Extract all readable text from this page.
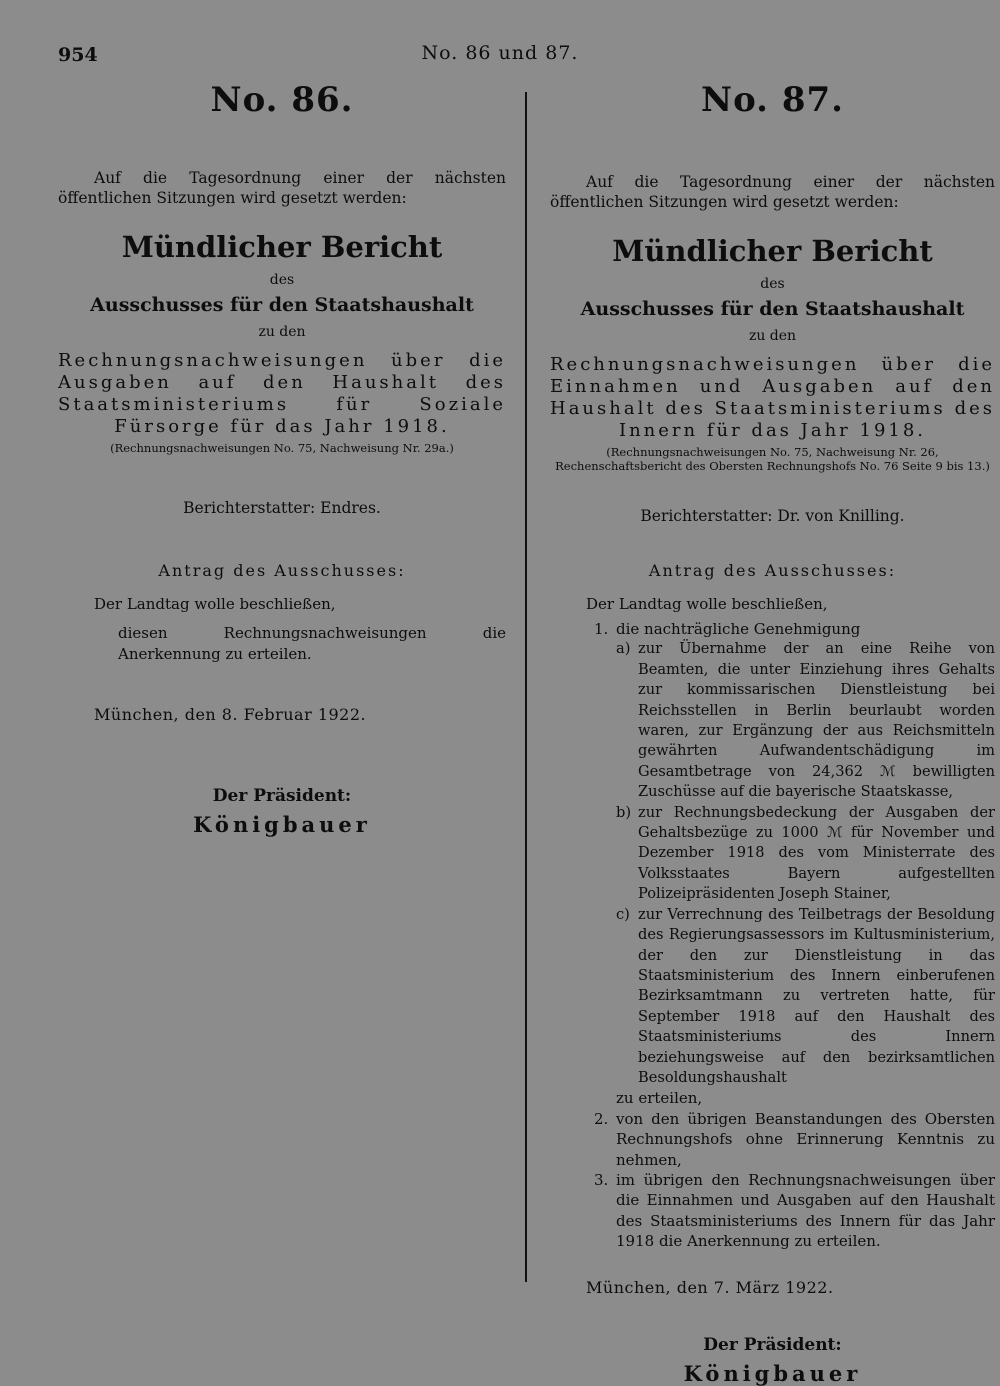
954	No. 86 und 87.

No. 86.

Auf die Tagesordnung einer der nächsten öffentlichen Sitzungen wird gesetzt werden:

Mündlicher Bericht

des

Ausschusses für den Staatshaushalt

zu den

Rechnungsnachweisungen über die Ausgaben auf den Haushalt des Staatsministeriums für Soziale Fürsorge für das Jahr 1918.

(Rechnungsnachweisungen No. 75, Nachweisung Nr. 29a.)

Berichterstatter: Endres.

Antrag des Ausschusses:

Der Landtag wolle beschließen,

diesen Rechnungsnachweisungen die Anerkennung zu erteilen.

München, den 8. Februar 1922.

Der Präsident:

Königbauer

No. 87.

Auf die Tagesordnung einer der nächsten öffentlichen Sitzungen wird gesetzt werden:

Mündlicher Bericht

des

Ausschusses für den Staatshaushalt

zu den

Rechnungsnachweisungen über die Einnahmen und Ausgaben auf den Haushalt des Staatsministeriums des Innern für das Jahr 1918.

(Rechnungsnachweisungen No. 75, Nachweisung Nr. 26, Rechenschaftsbericht des Obersten Rechnungshofs No. 76 Seite 9 bis 13.)

Berichterstatter: Dr. von Knilling.

Antrag des Ausschusses:

Der Landtag wolle beschließen,

1. die nachträgliche Genehmigung
a) zur Übernahme der an eine Reihe von Beamten, die unter Einziehung ihres Gehalts zur kommissarischen Dienstleistung bei Reichsstellen in Berlin beurlaubt worden waren, zur Ergänzung der aus Reichsmitteln gewährten Aufwandentschädigung im Gesamtbetrage von 24,362 ℳ bewilligten Zuschüsse auf die bayerische Staatskasse,
b) zur Rechnungsbedeckung der Ausgaben der Gehaltsbezüge zu 1000 ℳ für November und Dezember 1918 des vom Ministerrate des Volksstaates Bayern aufgestellten Polizeipräsidenten Joseph Stainer,
c) zur Verrechnung des Teilbetrags der Besoldung des Regierungsassessors im Kultusministerium, der den zur Dienstleistung in das Staatsministerium des Innern einberufenen Bezirksamtmann zu vertreten hatte, für September 1918 auf den Haushalt des Staatsministeriums des Innern beziehungsweise auf den bezirksamtlichen Besoldungshaushalt
zu erteilen,
2. von den übrigen Beanstandungen des Obersten Rechnungshofs ohne Erinnerung Kenntnis zu nehmen,
3. im übrigen den Rechnungsnachweisungen über die Einnahmen und Ausgaben auf den Haushalt des Staatsministeriums des Innern für das Jahr 1918 die Anerkennung zu erteilen.

München, den 7. März 1922.

Der Präsident:

Königbauer
